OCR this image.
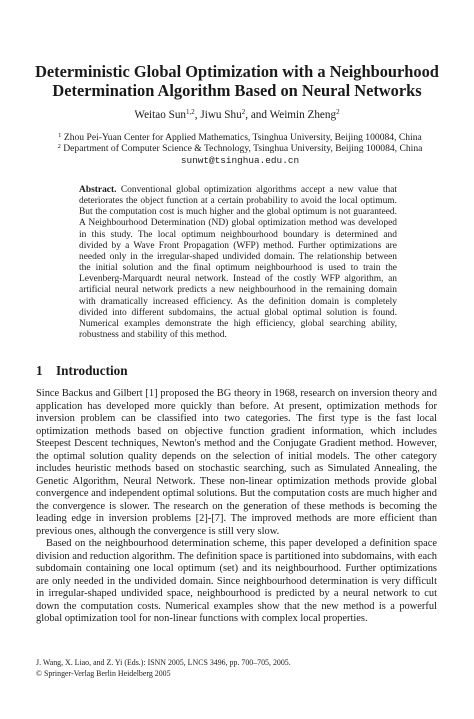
Deterministic Global Optimization with a Neighbourhood Determination Algorithm Based on Neural Networks
Weitao Sun$^{1,2}$, Jiwu Shu$^2$, and Weimin Zheng$^2$
$^1$ Zhou Pei-Yuan Center for Applied Mathematics, Tsinghua University, Beijing 100084, China
$^2$ Department of Computer Science & Technology, Tsinghua University, Beijing 100084, China
sunwt@tsinghua.edu.cn
Abstract. Conventional global optimization algorithms accept a new value that deteriorates the object function at a certain probability to avoid the local optimum. But the computation cost is much higher and the global optimum is not guaranteed. A Neighbourhood Determination (ND) global optimization method was developed in this study. The local optimum neighbourhood boundary is determined and divided by a Wave Front Propagation (WFP) method. Further optimizations are needed only in the irregular-shaped undivided domain. The relationship between the initial solution and the final optimum neighbourhood is used to train the Levenberg-Marquardt neural network. Instead of the costly WFP algorithm, an artificial neural network predicts a new neighbourhood in the remaining domain with dramatically increased efficiency. As the definition domain is completely divided into different subdomains, the actual global optimal solution is found. Numerical examples demonstrate the high efficiency, global searching ability, robustness and stability of this method.
1 Introduction

Since Backus and Gilbert [1] proposed the BG theory in 1968, research on inversion theory and application has developed more quickly than before. At present, optimization methods for inversion problem can be classified into two categories. The first type is the fast local optimization methods based on objective function gradient information, which includes Steepest Descent techniques, Newton's method and the Conjugate Gradient method. However, the optimal solution quality depends on the selection of initial models. The other category includes heuristic methods based on stochastic searching, such as Simulated Annealing, the Genetic Algorithm, Neural Network. These non-linear optimization methods provide global convergence and independent optimal solutions. But the computation costs are much higher and the convergence is slower. The research on the generation of these methods is becoming the leading edge in inversion problems [2]-[7]. The improved methods are more efficient than previous ones, although the convergence is still very slow.

Based on the neighbourhood determination scheme, this paper developed a definition space division and reduction algorithm. The definition space is partitioned into subdomains, with each subdomain containing one local optimum (set) and its neighbourhood. Further optimizations are only needed in the undivided domain. Since neighbourhood determination is very difficult in irregular-shaped undivided space, neighbourhood is predicted by a neural network to cut down the computation costs. Numerical examples show that the new method is a powerful global optimization tool for non-linear functions with complex local properties.

J. Wang, X. Liao, and Z. Yi (Eds.): ISNN 2005, LNCS 3496, pp. 700–705, 2005.
© Springer-Verlag Berlin Heidelberg 2005
